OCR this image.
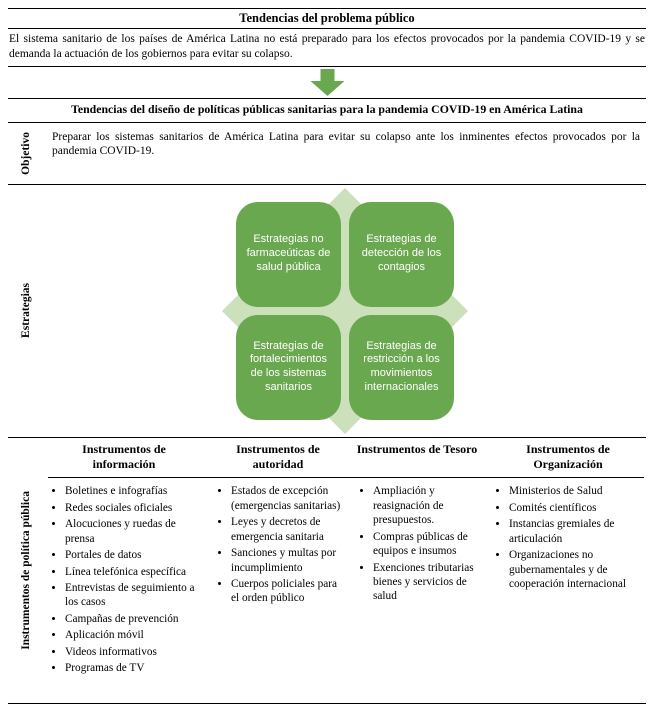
Tendencias del problema público
El sistema sanitario de los países de América Latina no está preparado para los efectos provocados por la pandemia COVID-19 y se demanda la actuación de los gobiernos para evitar su colapso.
Tendencias del diseño de políticas públicas sanitarias para la pandemia COVID-19 en América Latina
Objetivo	Preparar los sistemas sanitarios de América Latina para evitar su colapso ante los inminentes efectos provocados por la pandemia COVID-19.
Estrategias
Estrategias no farmaceúticas de salud pública
Estrategias de detección de los contagios
Estrategias de fortalecimientos de los sistemas sanitarios
Estrategias de restricción a los movimientos internacionales
Instrumentos de política pública
Instrumentos de información
Instrumentos de autoridad
Instrumentos de Tesoro	Instrumentos de Organización
• Boletines e infografías
• Redes sociales oficiales
• Alocuciones y ruedas de prensa
• Portales de datos
• Línea telefónica específica
• Entrevistas de seguimiento a los casos
• Campañas de prevención
• Aplicación móvil
• Videos informativos
• Programas de TV
• Estados de excepción (emergencias sanitarias)
• Leyes y decretos de emergencia sanitaria
• Sanciones y multas por incumplimiento
• Cuerpos policiales para el orden público
• Ampliación y reasignación de presupuestos.
• Compras públicas de equipos e insumos
• Exenciones tributarias bienes y servicios de salud
• Ministerios de Salud
• Comités científicos
• Instancias gremiales de articulación
• Organizaciones no gubernamentales y de cooperación internacional
